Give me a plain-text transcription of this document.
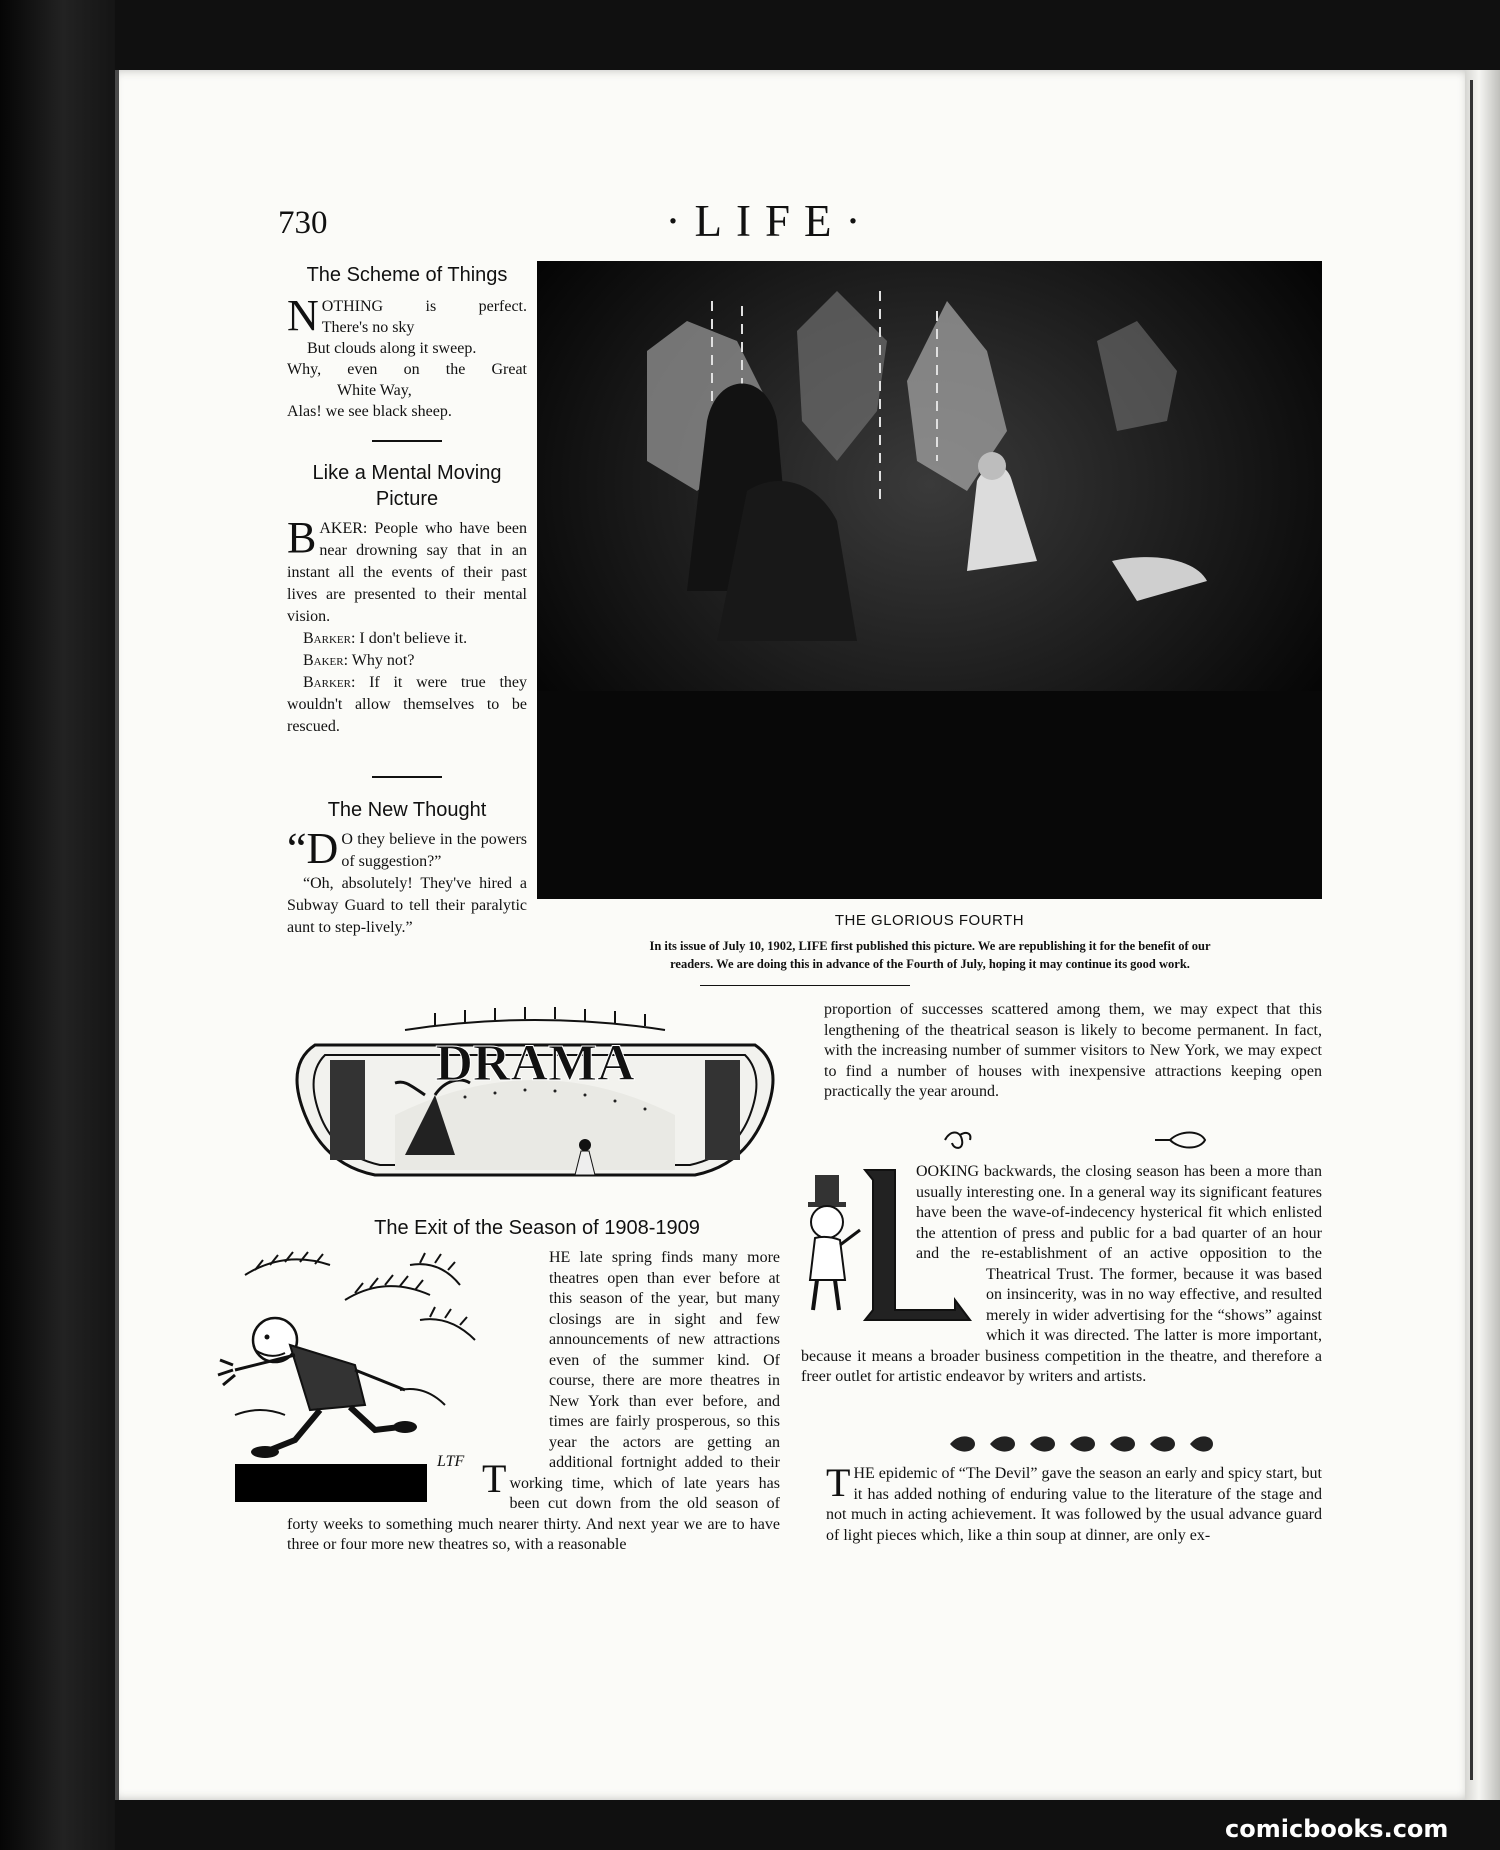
730	·LIFE·
The Scheme of Things
N OTHING is perfect.
There's no sky
But clouds along it sweep.
Why, even on the Great
White Way,
Alas! we see black sheep.
Like a Mental Moving Picture

BAKER: People who have been near drowning say that in an instant all the events of their past lives are presented to their mental vision.

Barker: I don't believe it.

Baker: Why not?

Barker: If it were true they wouldn't allow themselves to be rescued.

The New Thought

“D O they believe in the powers of suggestion?”

“Oh, absolutely! They've hired a Subway Guard to tell their paralytic aunt to step-lively.”	THE GLORIOUS FOURTH
In its issue of July 10, 1902, LIFE first published this picture. We are republishing it for the benefit of our
readers. We are doing this in advance of the Fourth of July, hoping it may continue its good work.
DRAMA
The Exit of the Season of 1908-1909
LTF T
HE late spring finds many more theatres open than ever before at this season of the year, but many closings are in sight and few announcements of new attractions even of the summer kind. Of course, there are more theatres in New York than ever before, and times are fairly prosperous, so this year the actors are getting an additional fortnight added to their working time, which of late years has been cut down from the old season of forty weeks to something much nearer thirty. And next year we are to have three or four more new theatres so, with a reasonable

proportion of successes scattered among them, we may expect that this lengthening of the theatrical season is likely to become permanent. In fact, with the increasing number of summer visitors to New York, we may expect to find a number of houses with inexpensive attractions keeping open practically the year around.

OOKING backwards, the closing season has been a more than usually interesting one. In a general way its significant features have been the wave-of-indecency hysterical fit which enlisted the attention of press and public for a bad quarter of an hour and the re-establishment of an active opposition to the Theatrical Trust. The former, because it was based on insincerity, was in no way effective, and resulted merely in wider advertising for the “shows” against which it was directed. The latter is more important, because it means a broader business competition in the theatre, and therefore a freer outlet for artistic endeavor by writers and artists.

THE epidemic of “The Devil” gave the season an early and spicy start, but it has added nothing of enduring value to the literature of the stage and not much in acting achievement. It was followed by the usual advance guard of light pieces which, like a thin soup at dinner, are only ex-

comicbooks.com
